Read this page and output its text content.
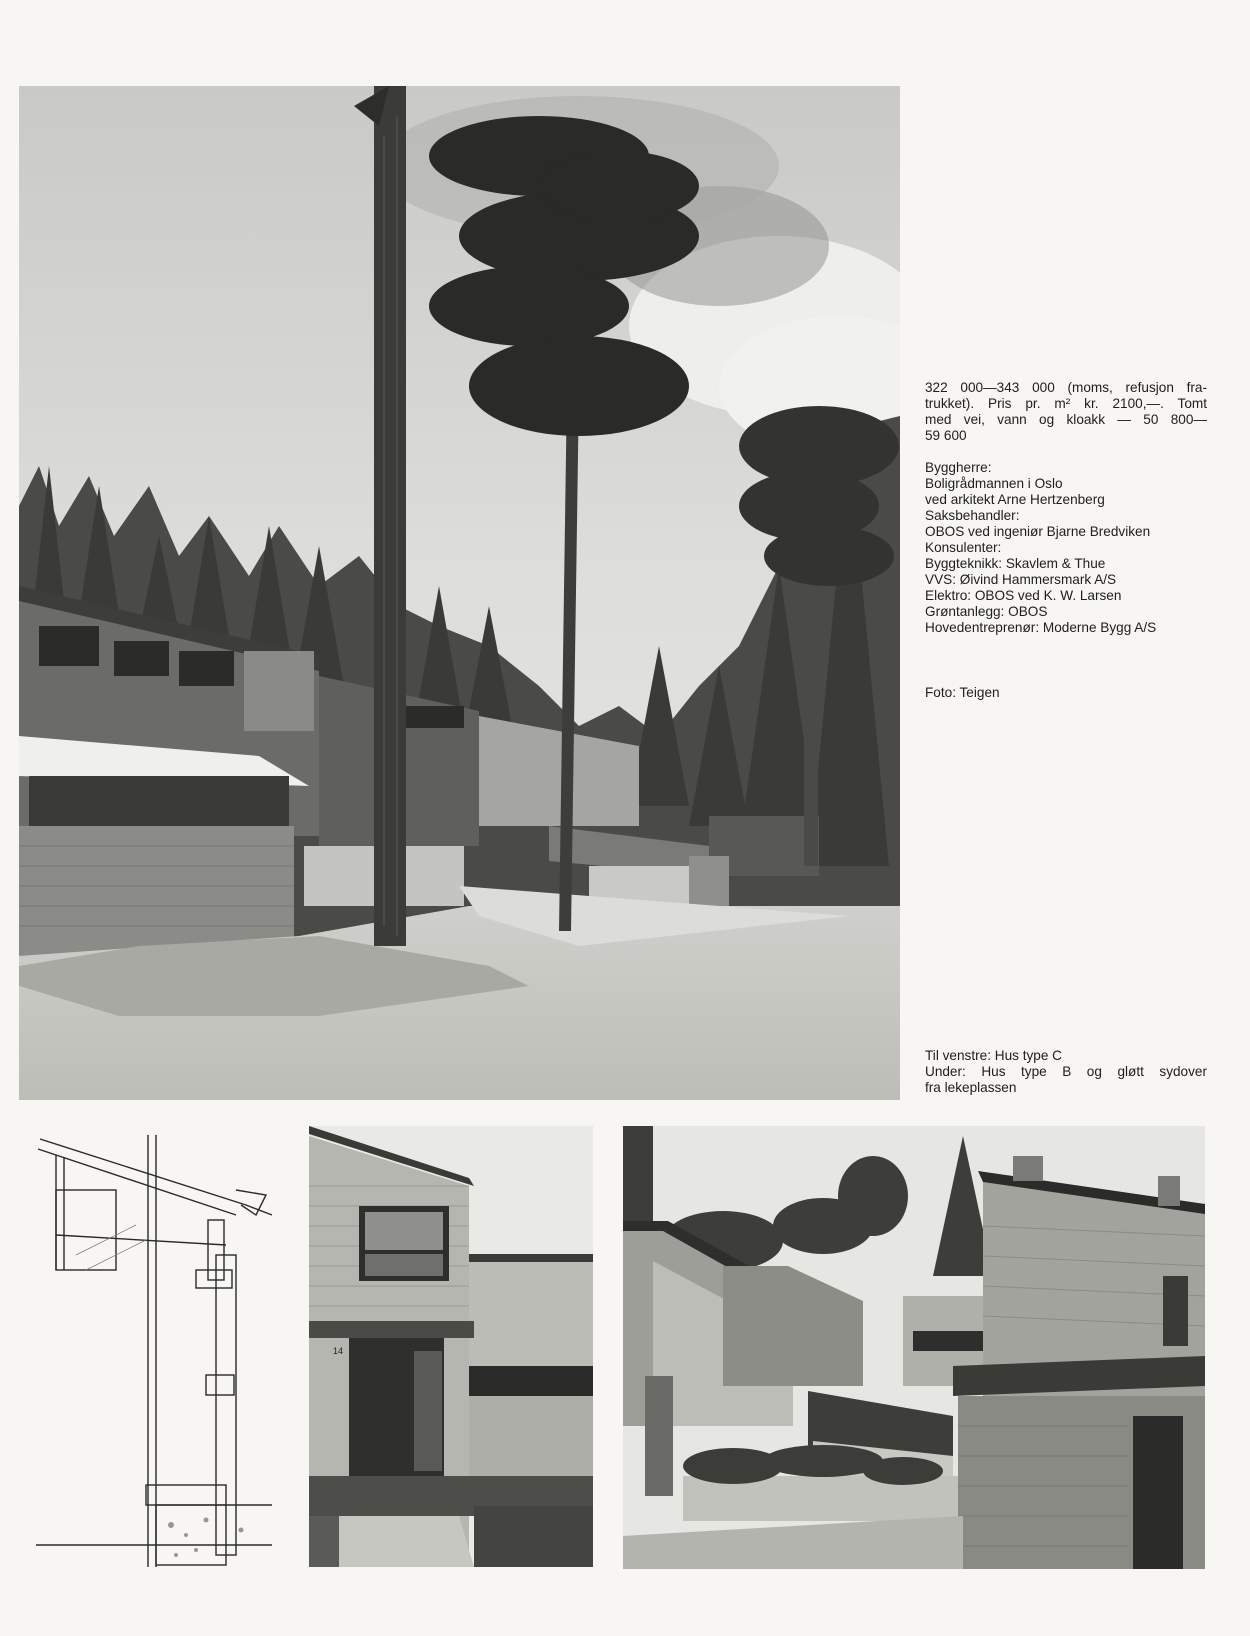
14
322 000—343 000 (moms, refusjon fra-
trukket). Pris pr. m² kr. 2100,—. Tomt
med vei, vann og kloakk — 50 800—
59 600
Byggherre:
Boligrådmannen i Oslo
ved arkitekt Arne Hertzenberg
Saksbehandler:
OBOS ved ingeniør Bjarne Bredviken
Konsulenter:
Byggteknikk: Skavlem & Thue
VVS: Øivind Hammersmark A/S
Elektro: OBOS ved K. W. Larsen
Grøntanlegg: OBOS
Hovedentreprenør: Moderne Bygg A/S
Foto: Teigen
Til venstre: Hus type C
Under: Hus type B og gløtt sydover
fra lekeplassen
